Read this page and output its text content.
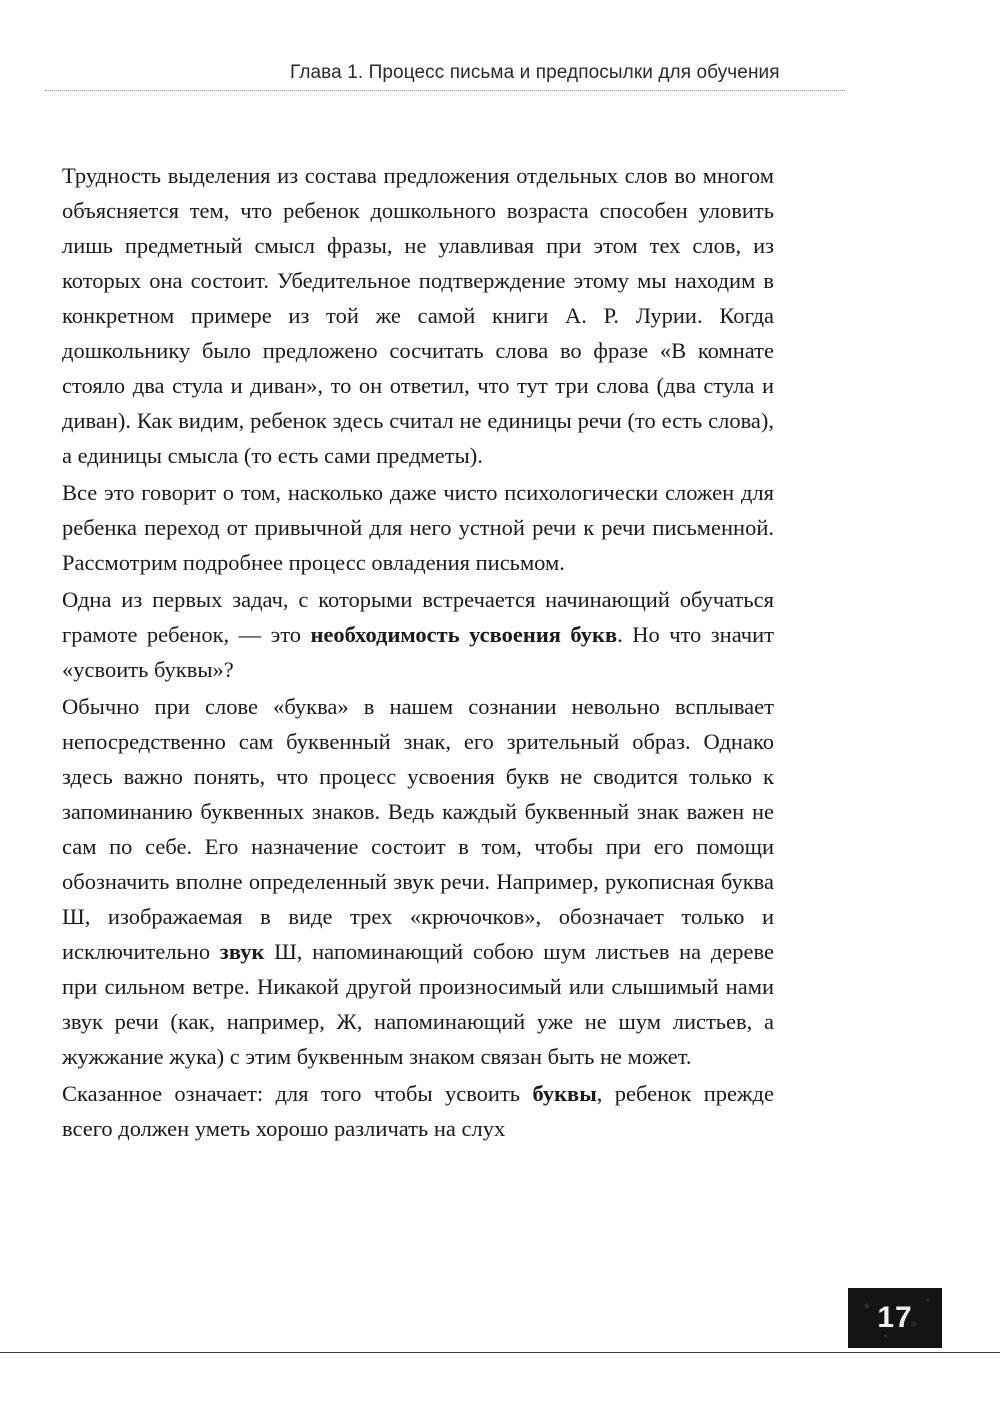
Глава 1. Процесс письма и предпосылки для обучения

Трудность выделения из состава предложения отдельных слов во многом объясняется тем, что ребенок дошкольного возраста способен уловить лишь предметный смысл фразы, не улавливая при этом тех слов, из которых она состоит. Убедительное подтверждение этому мы находим в конкретном примере из той же самой книги А. Р. Лурии. Когда дошкольнику было предложено сосчитать слова во фразе «В комнате стояло два стула и диван», то он ответил, что тут три слова (два стула и диван). Как видим, ребенок здесь считал не единицы речи (то есть слова), а единицы смысла (то есть сами предметы).

Все это говорит о том, насколько даже чисто психологически сложен для ребенка переход от привычной для него устной речи к речи письменной. Рассмотрим подробнее процесс овладения письмом.

Одна из первых задач, с которыми встречается начинающий обучаться грамоте ребенок, — это необходимость усвоения букв. Но что значит «усвоить буквы»?

Обычно при слове «буква» в нашем сознании невольно всплывает непосредственно сам буквенный знак, его зрительный образ. Однако здесь важно понять, что процесс усвоения букв не сводится только к запоминанию буквенных знаков. Ведь каждый буквенный знак важен не сам по себе. Его назначение состоит в том, чтобы при его помощи обозначить вполне определенный звук речи. Например, рукописная буква Ш, изображаемая в виде трех «крючочков», обозначает только и исключительно звук Ш, напоминающий собою шум листьев на дереве при сильном ветре. Никакой другой произносимый или слышимый нами звук речи (как, например, Ж, напоминающий уже не шум листьев, а жужжание жука) с этим буквенным знаком связан быть не может.

Сказанное означает: для того чтобы усвоить буквы, ребенок прежде всего должен уметь хорошо различать на слух

17
